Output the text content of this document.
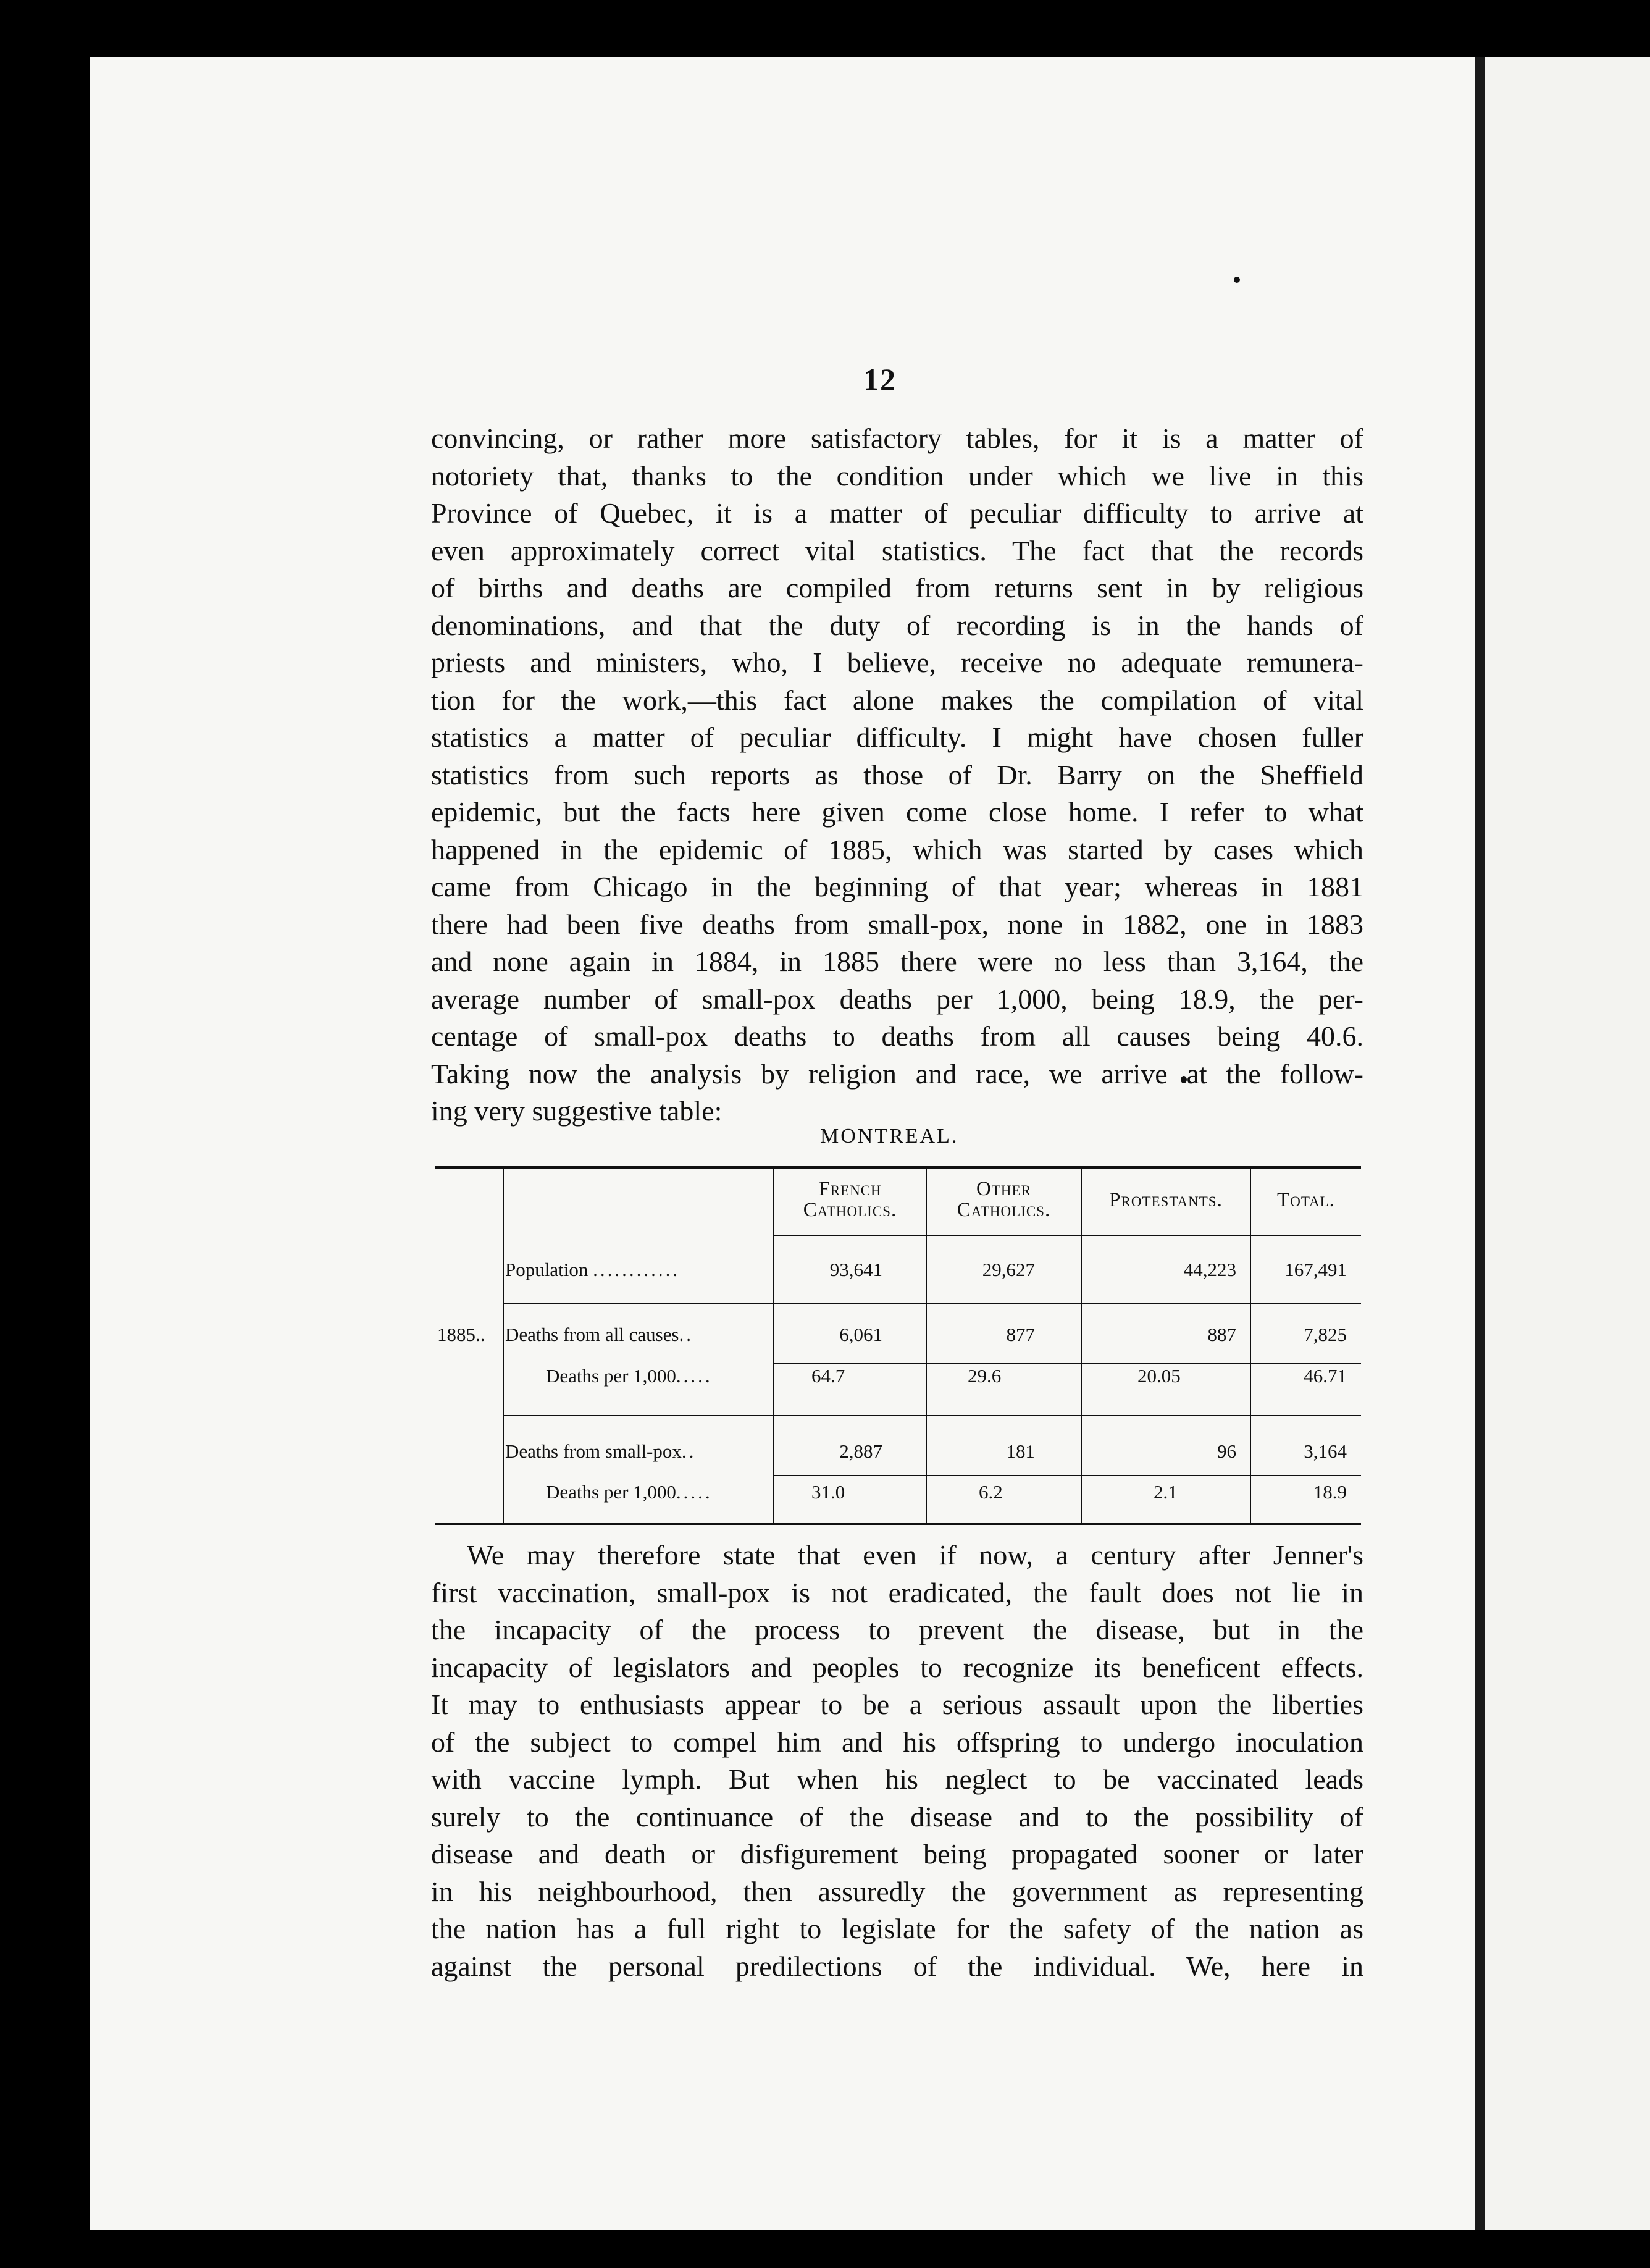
12
convincing, or rather more satisfactory tables, for it is a matter of
notoriety that, thanks to the condition under which we live in this
Province of Quebec, it is a matter of peculiar difficulty to arrive at
even approximately correct vital statistics. The fact that the records
of births and deaths are compiled from returns sent in by religious
denominations, and that the duty of recording is in the hands of
priests and ministers, who, I believe, receive no adequate remunera-
tion for the work,—this fact alone makes the compilation of vital
statistics a matter of peculiar difficulty. I might have chosen fuller
statistics from such reports as those of Dr. Barry on the Sheffield
epidemic, but the facts here given come close home. I refer to what
happened in the epidemic of 1885, which was started by cases which
came from Chicago in the beginning of that year; whereas in 1881
there had been five deaths from small-pox, none in 1882, one in 1883
and none again in 1884, in 1885 there were no less than 3,164, the
average number of small-pox deaths per 1,000, being 18.9, the per-
centage of small-pox deaths to deaths from all causes being 40.6.
Taking now the analysis by religion and race, we arrive at the follow-
ing very suggestive table:
MONTREAL.
French
Catholics.
Other
Catholics.	Protestants.	Total.
1885..
Population ............	93,641	29,627	44,223	167,491
Deaths from all causes..	6,061	877	887	7,825
Deaths per 1,000.....	64.7	29.6	20.05	46.71
Deaths from small-pox..	2,887	181	96	3,164
Deaths per 1,000.....	31.0	6.2	2.1	18.9
We may therefore state that even if now, a century after Jenner's
first vaccination, small-pox is not eradicated, the fault does not lie in
the incapacity of the process to prevent the disease, but in the
incapacity of legislators and peoples to recognize its beneficent effects.
It may to enthusiasts appear to be a serious assault upon the liberties
of the subject to compel him and his offspring to undergo inoculation
with vaccine lymph. But when his neglect to be vaccinated leads
surely to the continuance of the disease and to the possibility of
disease and death or disfigurement being propagated sooner or later
in his neighbourhood, then assuredly the government as representing
the nation has a full right to legislate for the safety of the nation as
against the personal predilections of the individual. We, here in
